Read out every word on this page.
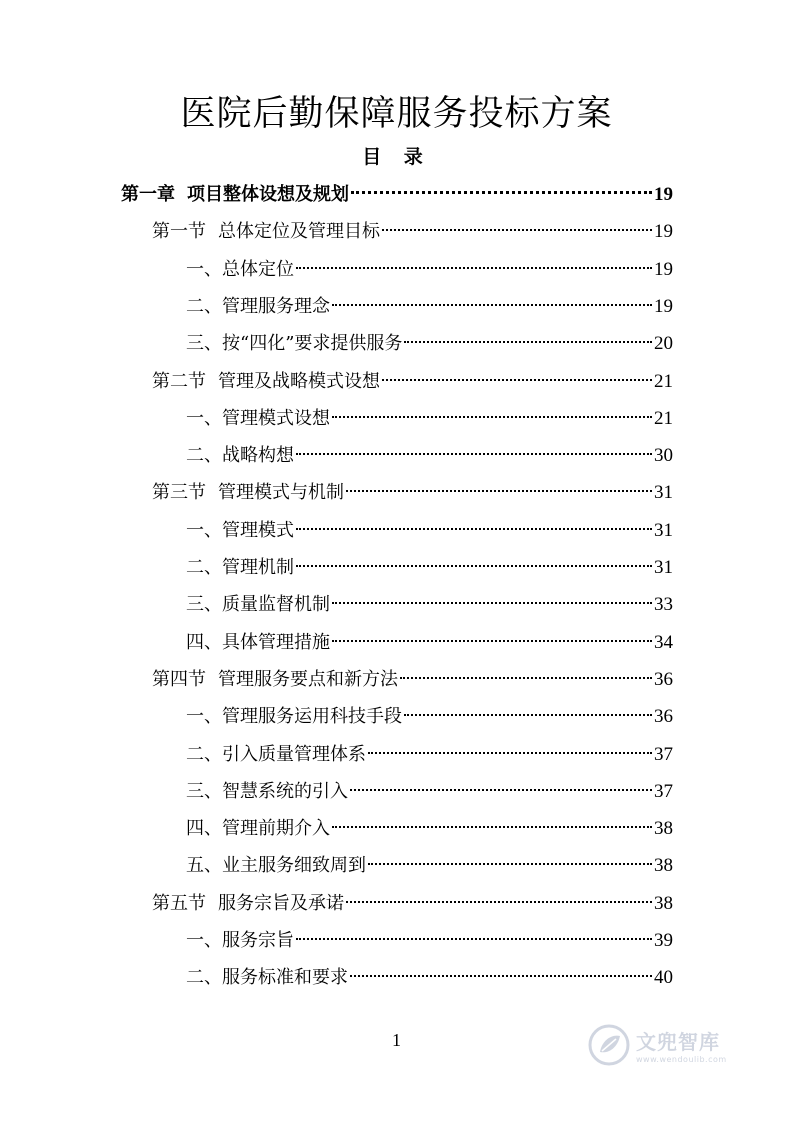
医院后勤保障服务投标方案
目 录
第一章 项目整体设想及规划	19
第一节 总体定位及管理目标	19
一、总体定位	19
二、管理服务理念	19
三、按“四化”要求提供服务	20
第二节 管理及战略模式设想	21
一、管理模式设想	21
二、战略构想	30
第三节 管理模式与机制	31
一、管理模式	31
二、管理机制	31
三、质量监督机制	33
四、具体管理措施	34
第四节 管理服务要点和新方法	36
一、管理服务运用科技手段	36
二、引入质量管理体系	37
三、智慧系统的引入	37
四、管理前期介入	38
五、业主服务细致周到	38
第五节 服务宗旨及承诺	38
一、服务宗旨	39
二、服务标准和要求	40
1	文兜智库
www.wendoulib.com
